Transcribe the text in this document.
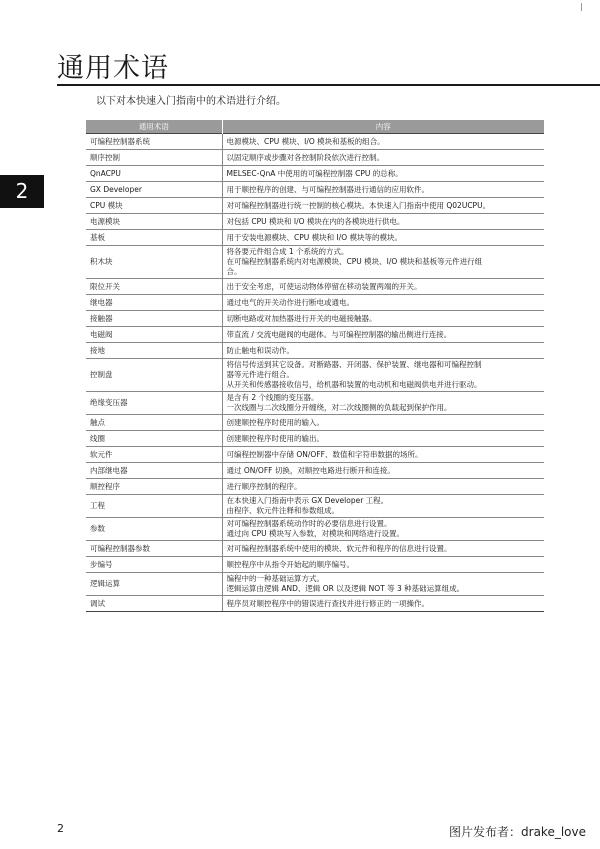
通用术语
2
以下对本快速入门指南中的术语进行介绍。
通用术语	内容
可编程控制器系统	电源模块、CPU 模块、I/O 模块和基板的组合。

顺序控制	以固定顺序或步骤对各控制阶段依次进行控制。

QnACPU	MELSEC-QnA 中使用的可编程控制器 CPU 的总称。

GX Developer	用于顺控程序的创建、与可编程控制器进行通信的应用软件。

CPU 模块	对可编程控制器进行统一控制的核心模块。本快速入门指南中使用 Q02UCPU。

电源模块	对包括 CPU 模块和 I/O 模块在内的各模块进行供电。

基板	用于安装电源模块、CPU 模块和 I/O 模块等的模块。

积木块	将各要元件组合成 1 个系统的方式。
在可编程控制器系统内对电源模块、CPU 模块、I/O 模块和基板等元件进行组
合。

限位开关	出于安全考虑，可使运动物体停留在移动装置两端的开关。

继电器	通过电气的开关动作进行断电或通电。

接触器	切断电路或对加热器进行开关的电磁接触器。

电磁阀	带直流 / 交流电磁阀的电磁体。与可编程控制器的输出侧进行连接。

接地	防止触电和误动作。

控制盘	将信号传送到其它设备。对断路器、开闭器、保护装置、继电器和可编程控制
器等元件进行组合。
从开关和传感器接收信号，给机器和装置的电动机和电磁阀供电并进行驱动。

绝缘变压器	是含有 2 个线圈的变压器。
一次线圈与二次线圈分开缠绕，对二次线圈侧的负载起到保护作用。

触点	创建顺控程序时使用的输入。

线圈	创建顺控程序时使用的输出。

软元件	可编程控制器中存储 ON/OFF、数值和字符串数据的场所。

内部继电器	通过 ON/OFF 切换，对顺控电路进行断开和连接。

顺控程序	进行顺序控制的程序。

工程	在本快速入门指南中表示 GX Developer 工程。
由程序、软元件注释和参数组成。

参数	对可编程控制器系统动作时的必要信息进行设置。
通过向 CPU 模块写入参数，对模块和网络进行设置。

可编程控制器参数	对可编程控制器系统中使用的模块、软元件和程序的信息进行设置。

步编号	顺控程序中从指令开始起的顺序编号。

逻辑运算	编程中的一种基础运算方式。
逻辑运算由逻辑 AND、逻辑 OR 以及逻辑 NOT 等 3 种基础运算组成。

调试	程序员对顺控程序中的错误进行查找并进行修正的一项操作。
2	图片发布者：drake_love
